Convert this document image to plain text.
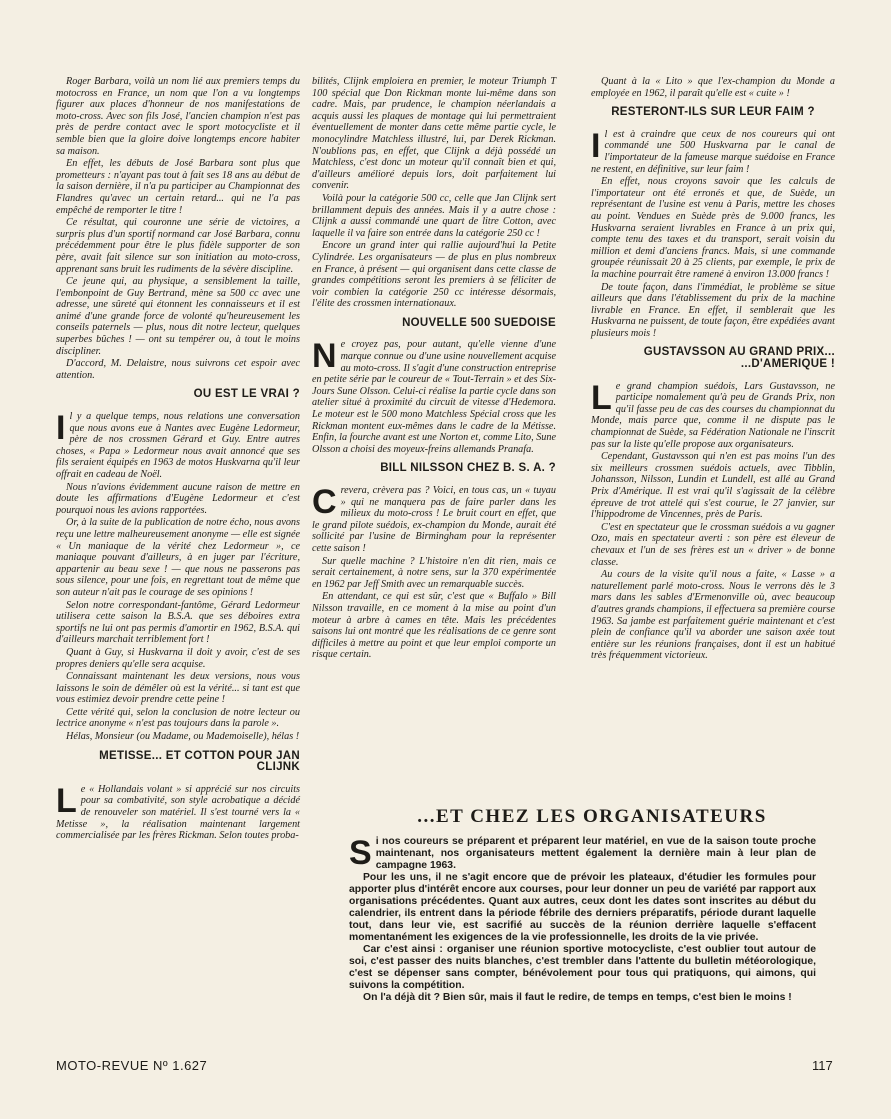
Roger Barbara, voilà un nom lié aux premiers temps du motocross en France, un nom que l'on a vu longtemps figurer aux places d'honneur de nos manifestations de moto-cross. Avec son fils José, l'ancien champion n'est pas près de perdre contact avec le sport motocycliste et il semble bien que la gloire doive longtemps encore habiter sa maison.

En effet, les débuts de José Barbara sont plus que prometteurs : n'ayant pas tout à fait ses 18 ans au début de la saison dernière, il n'a pu participer au Championnat des Flandres qu'avec un certain retard... qui ne l'a pas empêché de remporter le titre !

Ce résultat, qui couronne une série de victoires, a surpris plus d'un sportif normand car José Barbara, connu précédemment pour être le plus fidèle supporter de son père, avait fait silence sur son initiation au moto-cross, apprenant sans bruit les rudiments de la sévère discipline.

Ce jeune qui, au physique, a sensiblement la taille, l'embonpoint de Guy Bertrand, mène sa 500 cc avec une adresse, une sûreté qui étonnent les connaisseurs et il est animé d'une grande force de volonté qu'heureusement les conseils paternels — plus, nous dit notre lecteur, quelques superbes bûches ! — ont su tempérer ou, à tout le moins discipliner.

D'accord, M. Delaistre, nous suivrons cet espoir avec attention.

OU EST LE VRAI ?

Il y a quelque temps, nous relations une conversation que nous avons eue à Nantes avec Eugène Ledormeur, père de nos crossmen Gérard et Guy. Entre autres choses, « Papa » Ledormeur nous avait annoncé que ses fils seraient équipés en 1963 de motos Huskvarna qu'il leur offrait en cadeau de Noël.

Nous n'avions évidemment aucune raison de mettre en doute les affirmations d'Eugène Ledormeur et c'est pourquoi nous les avions rapportées.

Or, à la suite de la publication de notre écho, nous avons reçu une lettre malheureusement anonyme — elle est signée « Un maniaque de la vérité chez Ledormeur », ce maniaque pouvant d'ailleurs, à en juger par l'écriture, appartenir au beau sexe ! — que nous ne passerons pas sous silence, pour une fois, en regrettant tout de même que son auteur n'ait pas le courage de ses opinions !

Selon notre correspondant-fantôme, Gérard Ledormeur utilisera cette saison la B.S.A. que ses déboires extra sportifs ne lui ont pas permis d'amortir en 1962, B.S.A. qui d'ailleurs marchait terriblement fort !

Quant à Guy, si Huskvarna il doit y avoir, c'est de ses propres deniers qu'elle sera acquise.

Connaissant maintenant les deux versions, nous vous laissons le soin de démêler où est la vérité... si tant est que vous estimiez devoir prendre cette peine !

Cette vérité qui, selon la conclusion de notre lecteur ou lectrice anonyme « n'est pas toujours dans la parole ».

Hélas, Monsieur (ou Madame, ou Mademoiselle), hélas !

METISSE... ET COTTON POUR JAN CLIJNK

Le « Hollandais volant » si apprécié sur nos circuits pour sa combativité, son style acrobatique a décidé de renouveler son matériel. Il s'est tourné vers la « Metisse », la réalisation maintenant largement commercialisée par les frères Rickman. Selon toutes proba-

bilités, Clijnk emploiera en premier, le moteur Triumph T 100 spécial que Don Rickman monte lui-même dans son cadre. Mais, par prudence, le champion néerlandais a acquis aussi les plaques de montage qui lui permettraient éventuellement de monter dans cette même partie cycle, le monocylindre Matchless illustré, lui, par Derek Rickman. N'oublions pas, en effet, que Clijnk a déjà possédé un Matchless, c'est donc un moteur qu'il connaît bien et qui, d'ailleurs amélioré depuis lors, doit parfaitement lui convenir.

Voilà pour la catégorie 500 cc, celle que Jan Clijnk sert brillamment depuis des années. Mais il y a autre chose : Clijnk a aussi commandé une quart de litre Cotton, avec laquelle il va faire son entrée dans la catégorie 250 cc !

Encore un grand inter qui rallie aujourd'hui la Petite Cylindrée. Les organisateurs — de plus en plus nombreux en France, à présent — qui organisent dans cette classe de grandes compétitions seront les premiers à se féliciter de voir combien la catégorie 250 cc intéresse désormais, l'élite des crossmen internationaux.

NOUVELLE 500 SUEDOISE

Ne croyez pas, pour autant, qu'elle vienne d'une marque connue ou d'une usine nouvellement acquise au moto-cross. Il s'agit d'une construction entreprise en petite série par le coureur de « Tout-Terrain » et des Six-Jours Sune Olsson. Celui-ci réalise la partie cycle dans son atelier situé à proximité du circuit de vitesse d'Hedemora. Le moteur est le 500 mono Matchless Spécial cross que les Rickman montent eux-mêmes dans le cadre de la Métisse. Enfin, la fourche avant est une Norton et, comme Lito, Sune Olsson a choisi des moyeux-freins allemands Pranafa.

BILL NILSSON CHEZ B. S. A. ?

Crevera, crèvera pas ? Voici, en tous cas, un « tuyau » qui ne manquera pas de faire parler dans les milieux du moto-cross ! Le bruit court en effet, que le grand pilote suédois, ex-champion du Monde, aurait été sollicité par l'usine de Birmingham pour la représenter cette saison !

Sur quelle machine ? L'histoire n'en dit rien, mais ce serait certainement, à notre sens, sur la 370 expérimentée en 1962 par Jeff Smith avec un remarquable succès.

En attendant, ce qui est sûr, c'est que « Buffalo » Bill Nilsson travaille, en ce moment à la mise au point d'un moteur à arbre à cames en tête. Mais les précédentes saisons lui ont montré que les réalisations de ce genre sont difficiles à mettre au point et que leur emploi comporte un risque certain.

Quant à la « Lito » que l'ex-champion du Monde a employée en 1962, il paraît qu'elle est « cuite » !

RESTERONT-ILS SUR LEUR FAIM ?

Il est à craindre que ceux de nos coureurs qui ont commandé une 500 Huskvarna par le canal de l'importateur de la fameuse marque suédoise en France ne restent, en définitive, sur leur faim !

En effet, nous croyons savoir que les calculs de l'importateur ont été erronés et que, de Suède, un représentant de l'usine est venu à Paris, mettre les choses au point. Vendues en Suède près de 9.000 francs, les Huskvarna seraient livrables en France à un prix qui, compte tenu des taxes et du transport, serait voisin du million et demi d'anciens francs. Mais, si une commande groupée réunissait 20 à 25 clients, par exemple, le prix de la machine pourrait être ramené à environ 13.000 francs !

De toute façon, dans l'immédiat, le problème se situe ailleurs que dans l'établissement du prix de la machine livrable en France. En effet, il semblerait que les Huskvarna ne puissent, de toute façon, être expédiées avant plusieurs mois !

GUSTAVSSON AU GRAND PRIX...
...D'AMERIQUE !

Le grand champion suédois, Lars Gustavsson, ne participe nomalement qu'à peu de Grands Prix, non qu'il fasse peu de cas des courses du championnat du Monde, mais parce que, comme il ne dispute pas le championnat de Suède, sa Fédération Nationale ne l'inscrit pas sur la liste qu'elle propose aux organisateurs.

Cependant, Gustavsson qui n'en est pas moins l'un des six meilleurs crossmen suédois actuels, avec Tibblin, Johansson, Nilsson, Lundin et Lundell, est allé au Grand Prix d'Amérique. Il est vrai qu'il s'agissait de la célèbre épreuve de trot attelé qui s'est courue, le 27 janvier, sur l'hippodrome de Vincennes, près de Paris.

C'est en spectateur que le crossman suédois a vu gagner Ozo, mais en spectateur averti : son père est éleveur de chevaux et l'un de ses frères est un « driver » de bonne classe.

Au cours de la visite qu'il nous a faite, « Lasse » a naturellement parlé moto-cross. Nous le verrons dès le 3 mars dans les sables d'Ermenonville où, avec beaucoup d'autres grands champions, il effectuera sa première course 1963. Sa jambe est parfaitement guérie maintenant et c'est plein de confiance qu'il va aborder une saison axée tout entière sur les réunions françaises, dont il est un habitué très fréquemment victorieux.

...ET CHEZ LES ORGANISATEURS

Si nos coureurs se préparent et préparent leur matériel, en vue de la saison toute proche maintenant, nos organisateurs mettent également la dernière main à leur plan de campagne 1963.

Pour les uns, il ne s'agit encore que de prévoir les plateaux, d'étudier les formules pour apporter plus d'intérêt encore aux courses, pour leur donner un peu de variété par rapport aux organisations précédentes. Quant aux autres, ceux dont les dates sont inscrites au début du calendrier, ils entrent dans la période fébrile des derniers préparatifs, période durant laquelle tout, dans leur vie, est sacrifié au succès de la réunion derrière laquelle s'effacent momentanément les exigences de la vie professionnelle, les droits de la vie privée.

Car c'est ainsi : organiser une réunion sportive motocycliste, c'est oublier tout autour de soi, c'est passer des nuits blanches, c'est trembler dans l'attente du bulletin météorologique, c'est se dépenser sans compter, bénévolement pour tous qui pratiquons, qui aimons, qui suivons la compétition.

On l'a déjà dit ? Bien sûr, mais il faut le redire, de temps en temps, c'est bien le moins !

MOTO-REVUE Nº 1.627	117
